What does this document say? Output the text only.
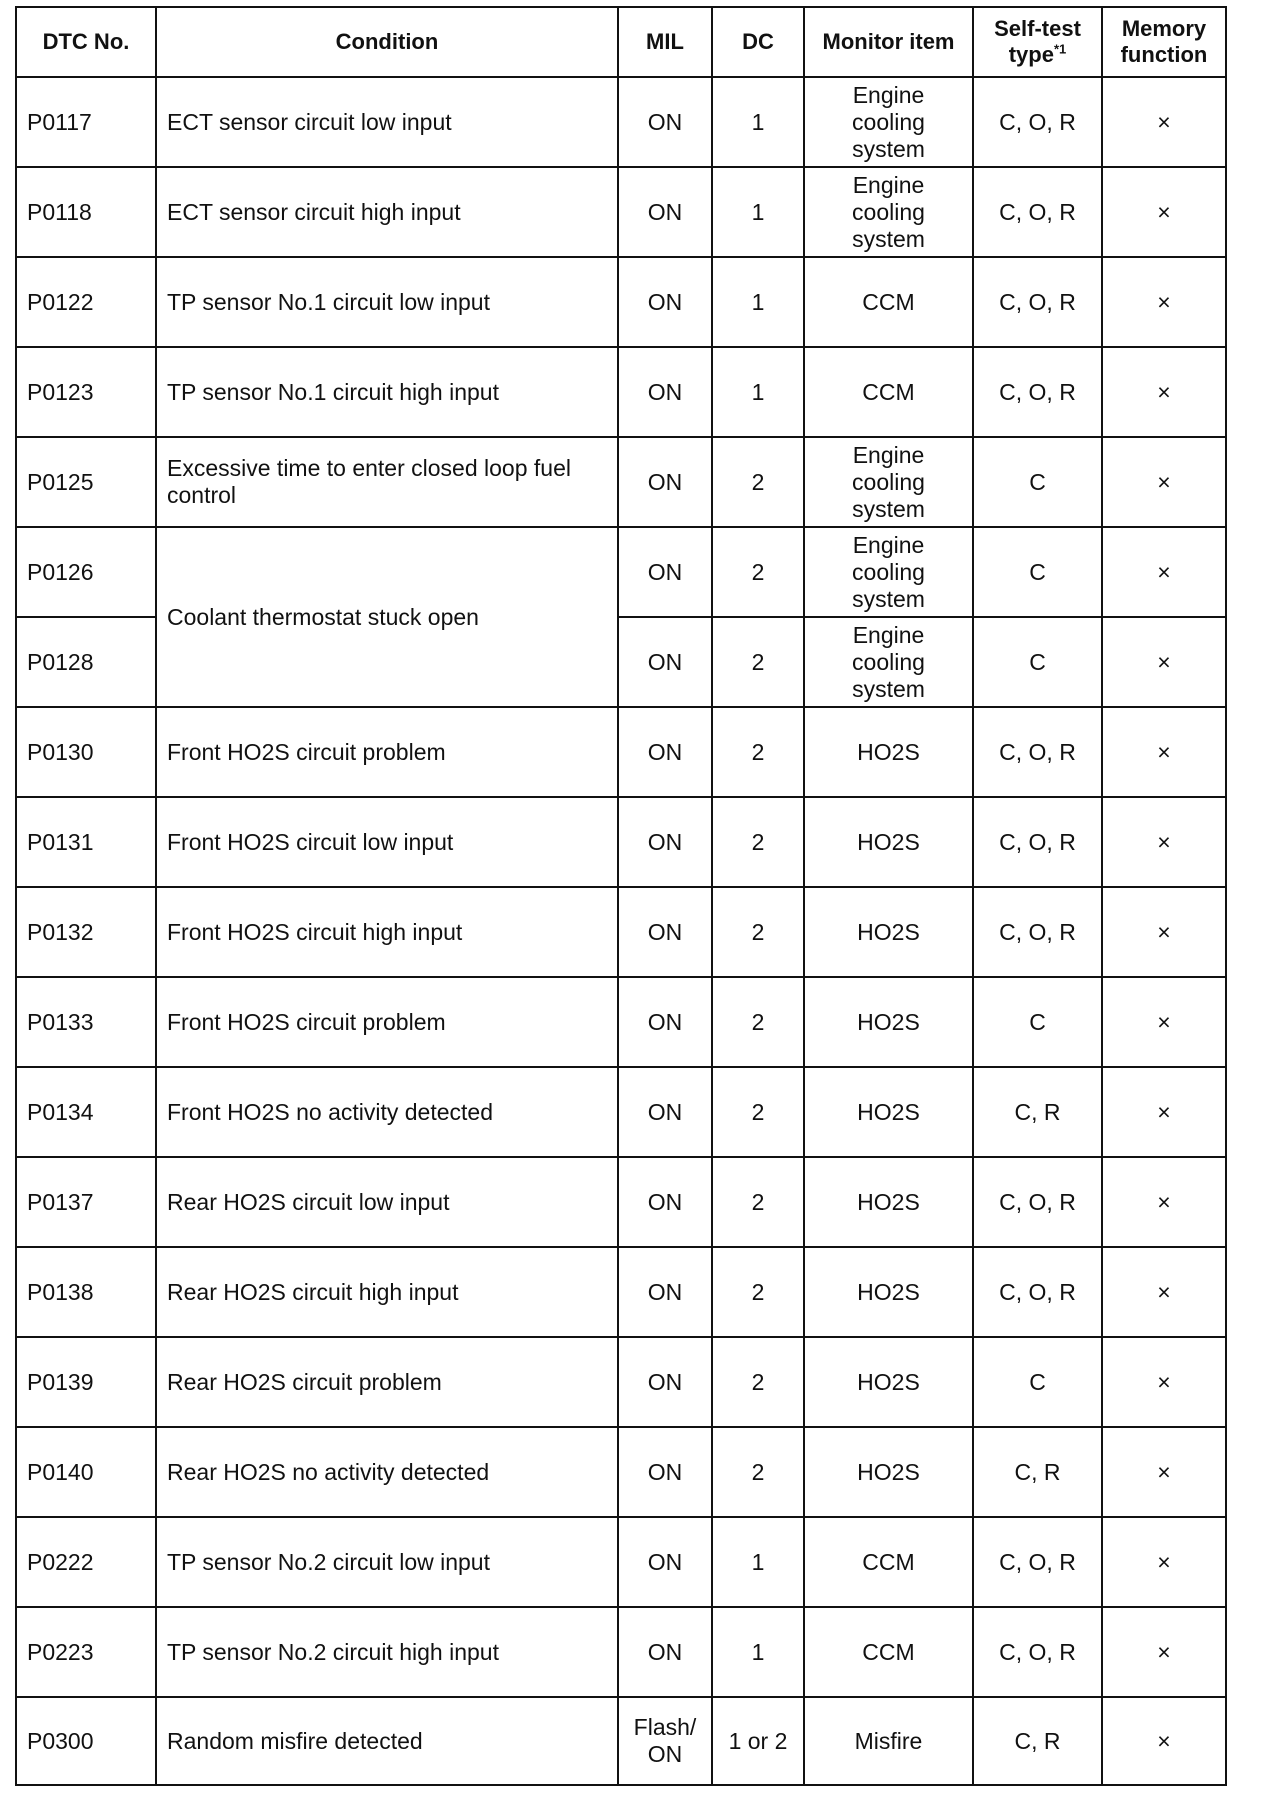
DTC No.	Condition	MIL	DC	Monitor item	Self-test
type$^{*1}$	Memory
function
P0117	ECT sensor circuit low input	ON	1	Engine
cooling
system	C, O, R	×
P0118	ECT sensor circuit high input	ON	1	Engine
cooling
system	C, O, R	×
P0122	TP sensor No.1 circuit low input	ON	1	CCM	C, O, R	×
P0123	TP sensor No.1 circuit high input	ON	1	CCM	C, O, R	×
P0125	Excessive time to enter closed loop fuel control	ON	2	Engine
cooling
system	C	×
P0126	Coolant thermostat stuck open	ON	2	Engine
cooling
system	C	×
P0128		ON	2	Engine
cooling
system	C	×
P0130	Front HO2S circuit problem	ON	2	HO2S	C, O, R	×
P0131	Front HO2S circuit low input	ON	2	HO2S	C, O, R	×
P0132	Front HO2S circuit high input	ON	2	HO2S	C, O, R	×
P0133	Front HO2S circuit problem	ON	2	HO2S	C	×
P0134	Front HO2S no activity detected	ON	2	HO2S	C, R	×
P0137	Rear HO2S circuit low input	ON	2	HO2S	C, O, R	×
P0138	Rear HO2S circuit high input	ON	2	HO2S	C, O, R	×
P0139	Rear HO2S circuit problem	ON	2	HO2S	C	×
P0140	Rear HO2S no activity detected	ON	2	HO2S	C, R	×
P0222	TP sensor No.2 circuit low input	ON	1	CCM	C, O, R	×
P0223	TP sensor No.2 circuit high input	ON	1	CCM	C, O, R	×
P0300	Random misfire detected	Flash/
ON	1 or 2	Misfire	C, R	×
